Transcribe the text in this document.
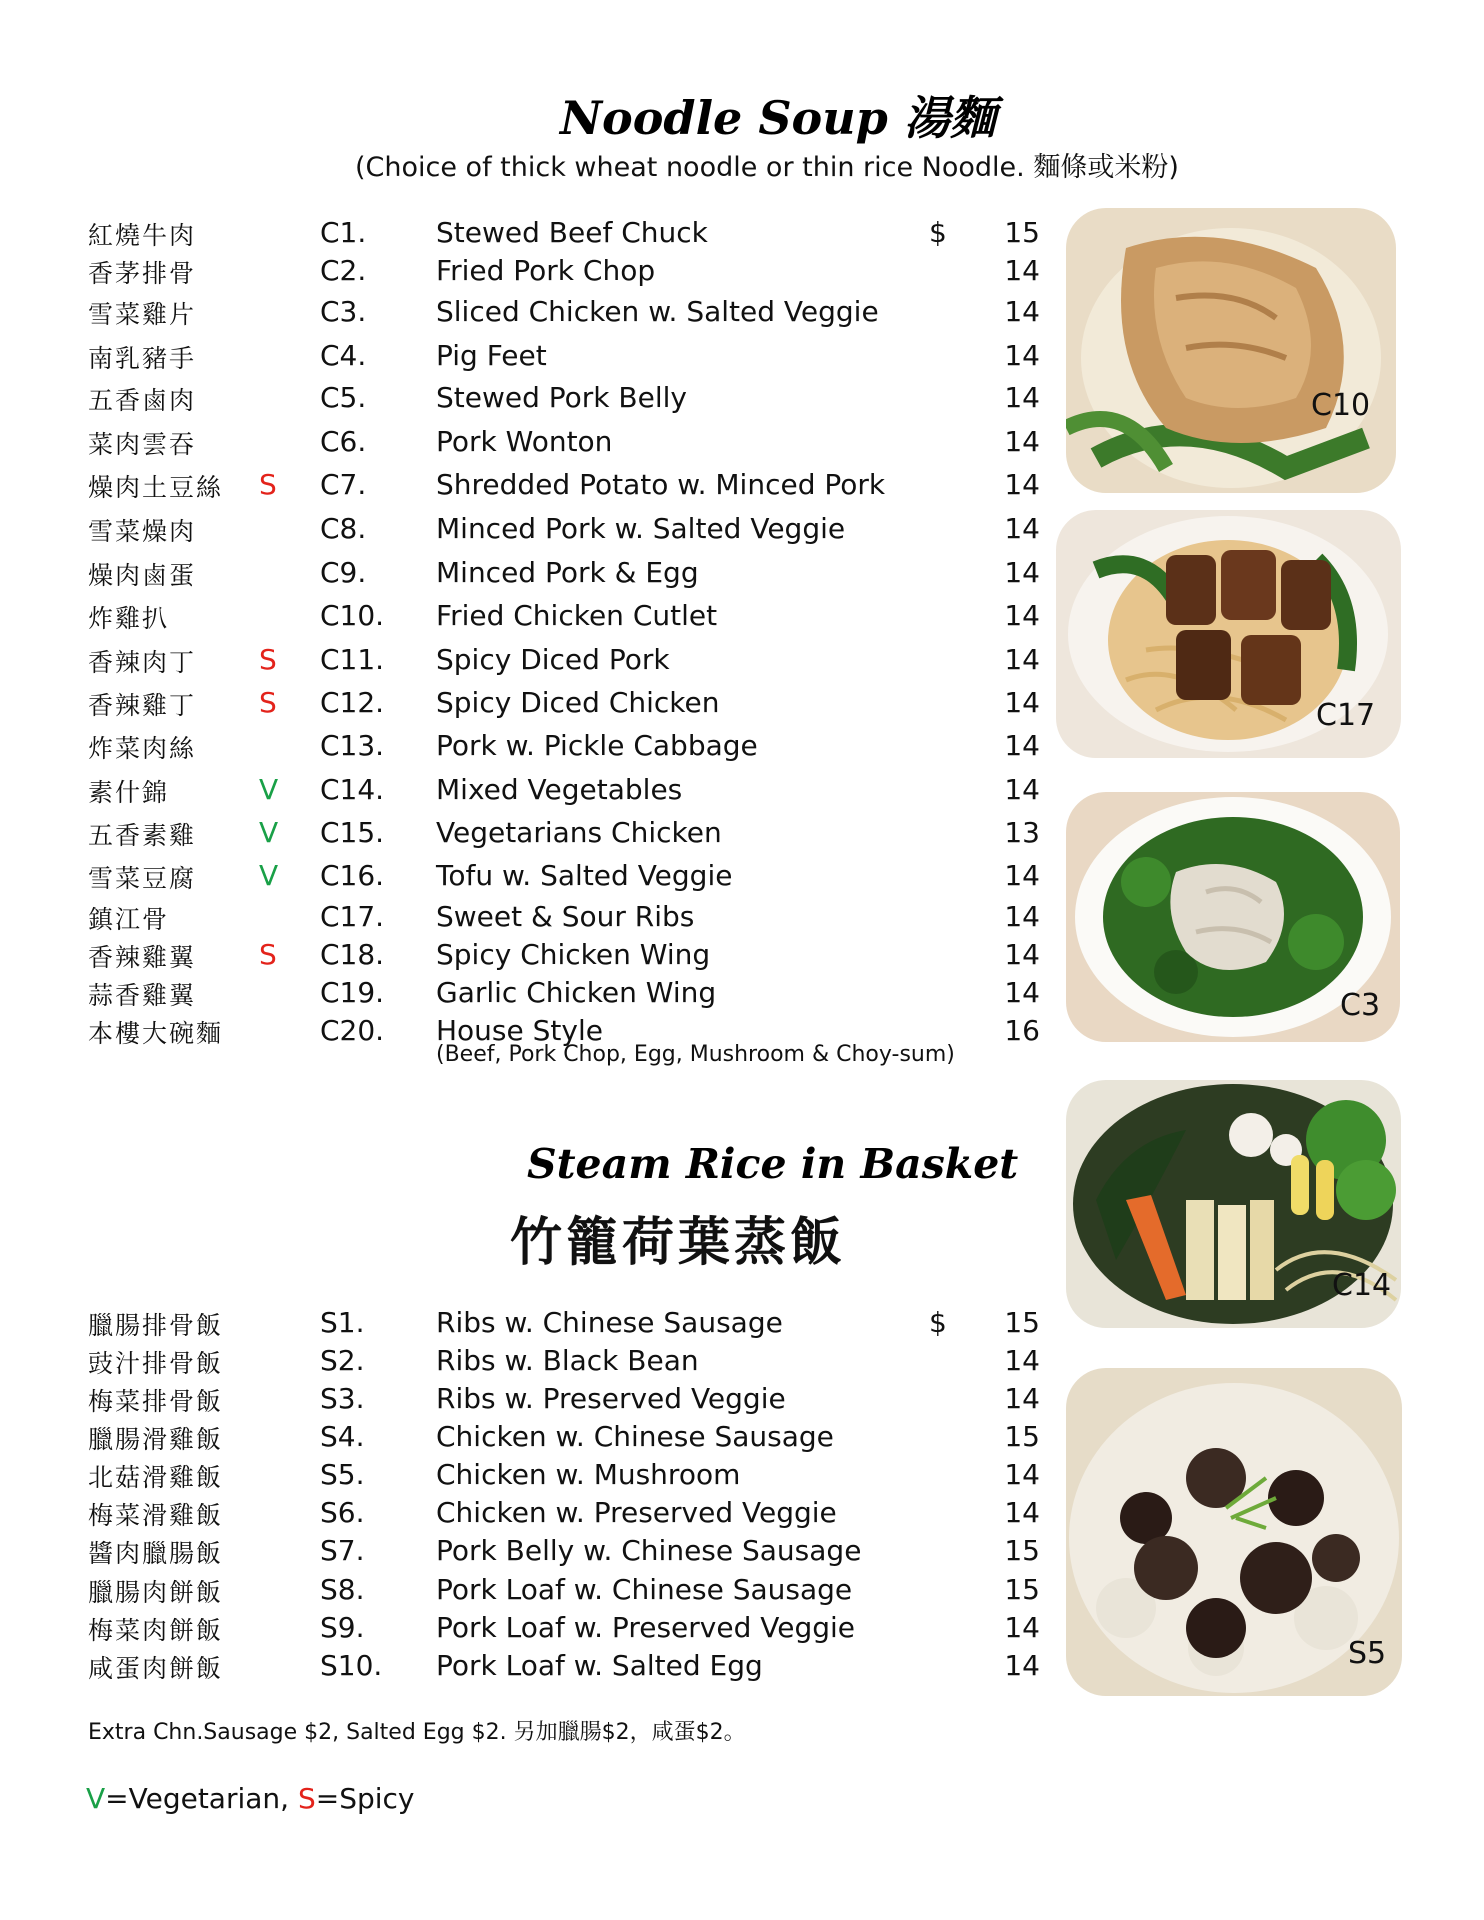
Noodle Soup 湯麵
(Choice of thick wheat noodle or thin rice Noodle. 麵條或米粉)
紅燒牛肉	C1. Stewed Beef Chuck	$	15
香茅排骨	C2. Fried Pork Chop	14
雪菜雞片	C3. Sliced Chicken w. Salted Veggie	14
南乳豬手	C4. Pig Feet	14
五香鹵肉	C5. Stewed Pork Belly	14
菜肉雲吞	C6. Pork Wonton	14
燥肉土豆絲 S C7. Shredded Potato w. Minced Pork	14
雪菜燥肉	C8. Minced Pork w. Salted Veggie	14
燥肉鹵蛋	C9. Minced Pork & Egg	14
炸雞扒	C10. Fried Chicken Cutlet	14
香辣肉丁 S C11. Spicy Diced Pork	14
香辣雞丁 S C12. Spicy Diced Chicken	14
炸菜肉絲	C13. Pork w. Pickle Cabbage	14
素什錦	V C14. Mixed Vegetables	14
五香素雞 V C15. Vegetarians Chicken	13
雪菜豆腐 V C16. Tofu w. Salted Veggie	14
鎮江骨	C17. Sweet & Sour Ribs	14
香辣雞翼 S C18. Spicy Chicken Wing	14
蒜香雞翼	C19. Garlic Chicken Wing	14
本樓大碗麵	C20. House Style	16
(Beef, Pork Chop, Egg, Mushroom & Choy-sum)
Steam Rice in Basket
竹籠荷葉蒸飯
臘腸排骨飯	S1.	Ribs w. Chinese Sausage	$	15
豉汁排骨飯	S2.	Ribs w. Black Bean	14
梅菜排骨飯	S3.	Ribs w. Preserved Veggie	14
臘腸滑雞飯	S4.	Chicken w. Chinese Sausage	15
北菇滑雞飯	S5.	Chicken w. Mushroom	14
梅菜滑雞飯	S6.	Chicken w. Preserved Veggie	14
醬肉臘腸飯	S7.	Pork Belly w. Chinese Sausage	15
臘腸肉餅飯	S8.	Pork Loaf w. Chinese Sausage	15
梅菜肉餅飯	S9.	Pork Loaf w. Preserved Veggie	14
咸蛋肉餅飯	S10. Pork Loaf w. Salted Egg	14
Extra Chn.Sausage $2, Salted Egg $2. 另加臘腸$2，咸蛋$2。
V=Vegetarian, S=Spicy
C10
C17
C3
C14
S5
